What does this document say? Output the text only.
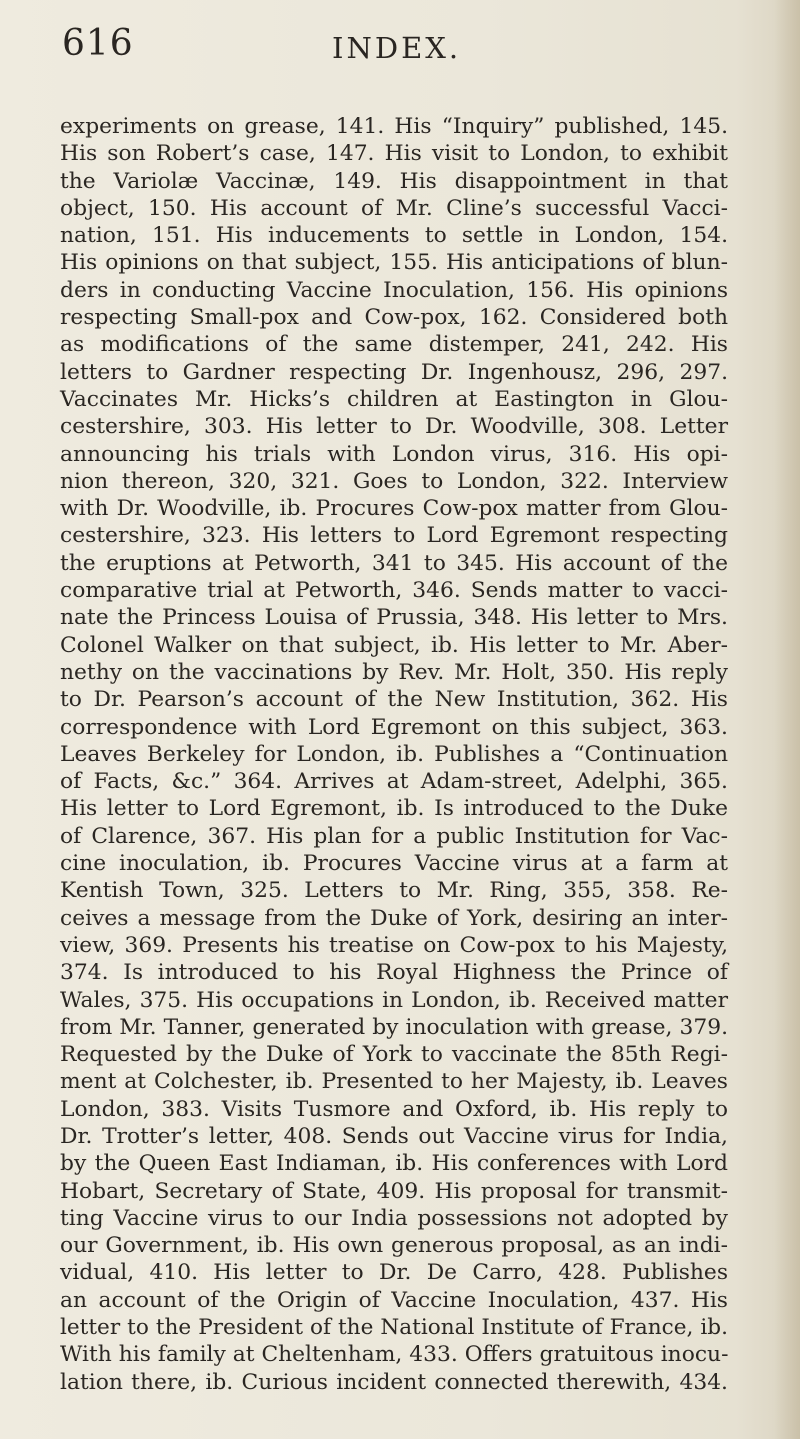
616	INDEX.
experiments on grease, 141. His “Inquiry” published, 145.
His son Robert’s case, 147. His visit to London, to exhibit
the Variolæ Vaccinæ, 149. His disappointment in that
object, 150. His account of Mr. Cline’s successful Vacci-
nation, 151. His inducements to settle in London, 154.
His opinions on that subject, 155. His anticipations of blun-
ders in conducting Vaccine Inoculation, 156. His opinions
respecting Small-pox and Cow-pox, 162. Considered both
as modifications of the same distemper, 241, 242. His
letters to Gardner respecting Dr. Ingenhousz, 296, 297.
Vaccinates Mr. Hicks’s children at Eastington in Glou-
cestershire, 303. His letter to Dr. Woodville, 308. Letter
announcing his trials with London virus, 316. His opi-
nion thereon, 320, 321. Goes to London, 322. Interview
with Dr. Woodville, ib. Procures Cow-pox matter from Glou-
cestershire, 323. His letters to Lord Egremont respecting
the eruptions at Petworth, 341 to 345. His account of the
comparative trial at Petworth, 346. Sends matter to vacci-
nate the Princess Louisa of Prussia, 348. His letter to Mrs.
Colonel Walker on that subject, ib. His letter to Mr. Aber-
nethy on the vaccinations by Rev. Mr. Holt, 350. His reply
to Dr. Pearson’s account of the New Institution, 362. His
correspondence with Lord Egremont on this subject, 363.
Leaves Berkeley for London, ib. Publishes a “Continuation
of Facts, &c.” 364. Arrives at Adam-street, Adelphi, 365.
His letter to Lord Egremont, ib. Is introduced to the Duke
of Clarence, 367. His plan for a public Institution for Vac-
cine inoculation, ib. Procures Vaccine virus at a farm at
Kentish Town, 325. Letters to Mr. Ring, 355, 358. Re-
ceives a message from the Duke of York, desiring an inter-
view, 369. Presents his treatise on Cow-pox to his Majesty,
374. Is introduced to his Royal Highness the Prince of
Wales, 375. His occupations in London, ib. Received matter
from Mr. Tanner, generated by inoculation with grease, 379.
Requested by the Duke of York to vaccinate the 85th Regi-
ment at Colchester, ib. Presented to her Majesty, ib. Leaves
London, 383. Visits Tusmore and Oxford, ib. His reply to
Dr. Trotter’s letter, 408. Sends out Vaccine virus for India,
by the Queen East Indiaman, ib. His conferences with Lord
Hobart, Secretary of State, 409. His proposal for transmit-
ting Vaccine virus to our India possessions not adopted by
our Government, ib. His own generous proposal, as an indi-
vidual, 410. His letter to Dr. De Carro, 428. Publishes
an account of the Origin of Vaccine Inoculation, 437. His
letter to the President of the National Institute of France, ib.
With his family at Cheltenham, 433. Offers gratuitous inocu-
lation there, ib. Curious incident connected therewith, 434.
